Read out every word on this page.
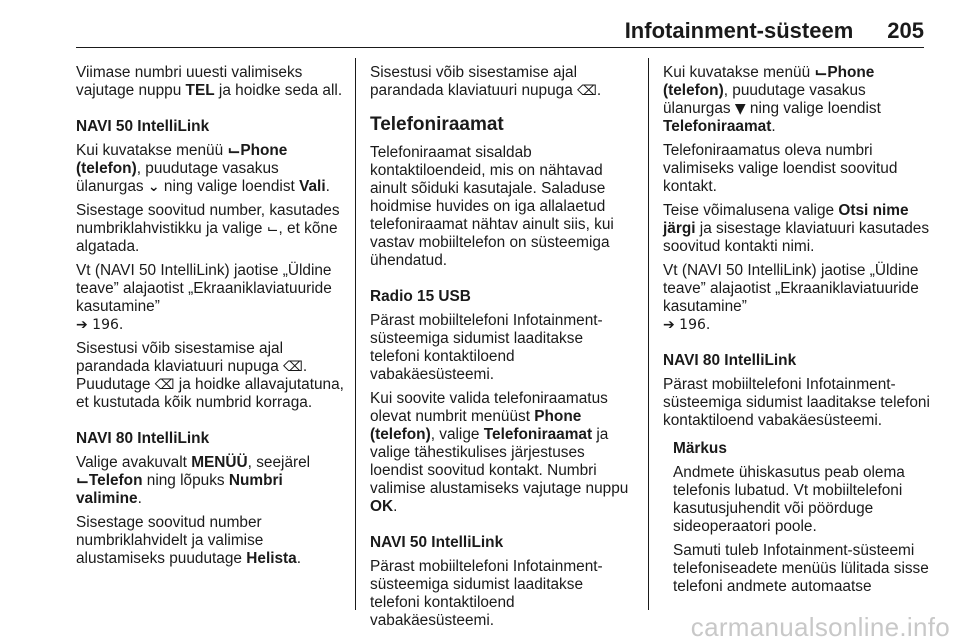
Infotainment-süsteem 205

Viimase numbri uuesti valimiseks vajutage nuppu TEL ja hoidke seda all.

NAVI 50 IntelliLink

Kui kuvatakse menüü ⌙Phone (telefon), puudutage vasakus ülanurgas ⌄ ning valige loendist Vali.

Sisestage soovitud number, kasutades numbriklahvistikku ja valige ⌙, et kõne algatada.

Vt (NAVI 50 IntelliLink) jaotise „Üldine teave” alajaotist „Ekraaniklaviatuuride kasutamine”
➔ 196.

Sisestusi võib sisestamise ajal parandada klaviatuuri nupuga ⌫. Puudutage ⌫ ja hoidke allavajutatuna, et kustutada kõik numbrid korraga.

NAVI 80 IntelliLink

Valige avakuvalt MENÜÜ, seejärel ⌙Telefon ning lõpuks Numbri valimine.

Sisestage soovitud number numbriklahvidelt ja valimise alustamiseks puudutage Helista.

Sisestusi võib sisestamise ajal parandada klaviatuuri nupuga ⌫.

Telefoniraamat

Telefoniraamat sisaldab kontaktiloendeid, mis on nähtavad ainult sõiduki kasutajale. Saladuse hoidmise huvides on iga allalaetud telefoniraamat nähtav ainult siis, kui vastav mobiiltelefon on süsteemiga ühendatud.

Radio 15 USB

Pärast mobiiltelefoni Infotainment-süsteemiga sidumist laaditakse telefoni kontaktiloend vabakäesüsteemi.

Kui soovite valida telefoniraamatus olevat numbrit menüüst Phone (telefon), valige Telefoniraamat ja valige tähestikulises järjestuses loendist soovitud kontakt. Numbri valimise alustamiseks vajutage nuppu OK.

NAVI 50 IntelliLink

Pärast mobiiltelefoni Infotainment-süsteemiga sidumist laaditakse telefoni kontaktiloend vabakäesüsteemi.

Kui kuvatakse menüü ⌙Phone (telefon), puudutage vasakus ülanurgas ▼ ning valige loendist Telefoniraamat.

Telefoniraamatus oleva numbri valimiseks valige loendist soovitud kontakt.

Teise võimalusena valige Otsi nime järgi ja sisestage klaviatuuri kasutades soovitud kontakti nimi.

Vt (NAVI 50 IntelliLink) jaotise „Üldine teave” alajaotist „Ekraaniklaviatuuride kasutamine”
➔ 196.

NAVI 80 IntelliLink

Pärast mobiiltelefoni Infotainment-süsteemiga sidumist laaditakse telefoni kontaktiloend vabakäesüsteemi.

Märkus

Andmete ühiskasutus peab olema telefonis lubatud. Vt mobiiltelefoni kasutusjuhendit või pöörduge sideoperaatori poole.

Samuti tuleb Infotainment-süsteemi telefoniseadete menüüs lülitada sisse telefoni andmete automaatse

carmanualsonline.info
